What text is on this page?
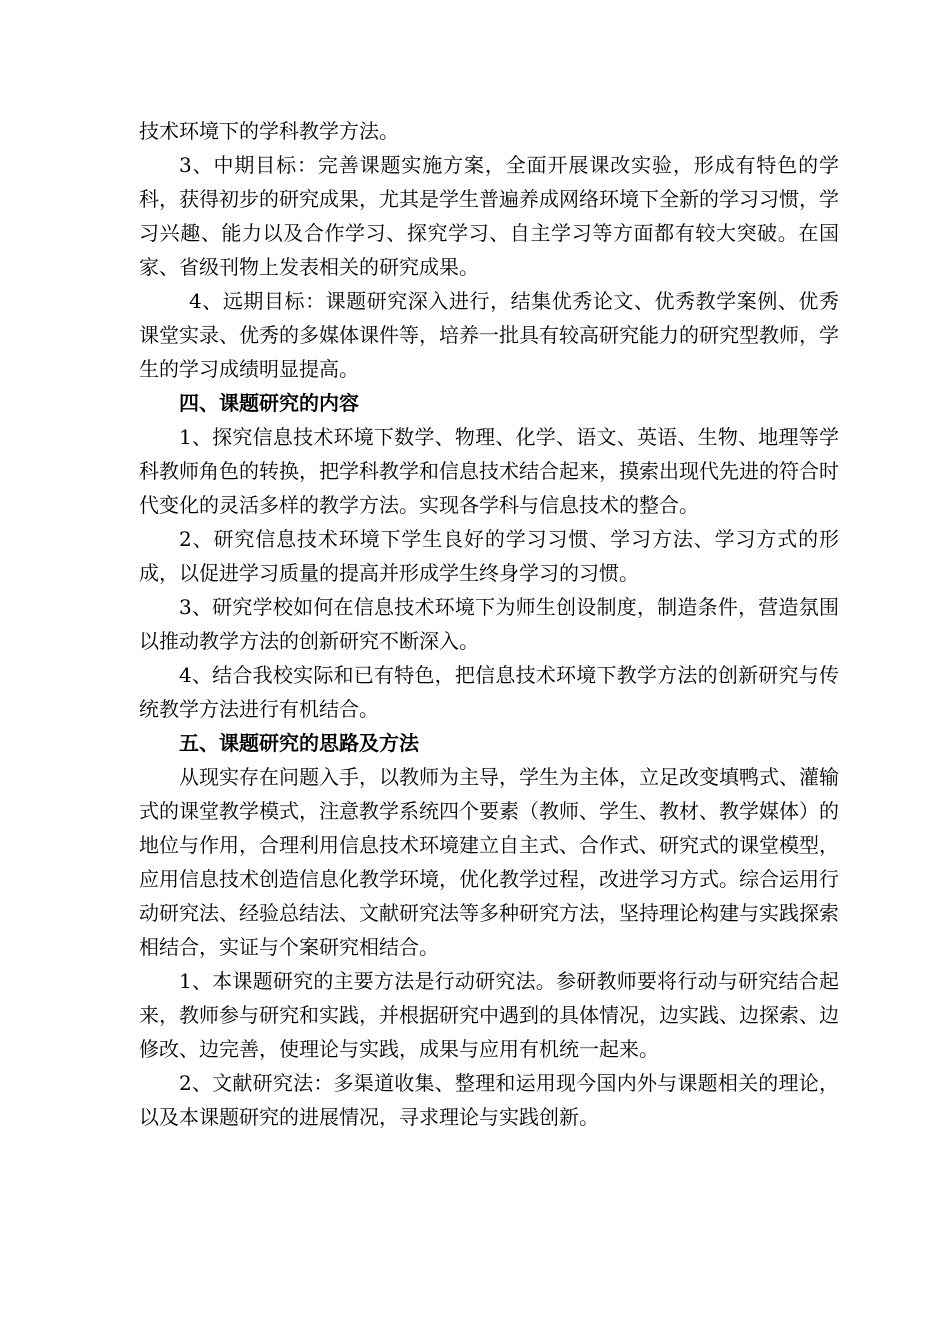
技术环境下的学科教学方法。

3、中期目标：完善课题实施方案，全面开展课改实验，形成有特色的学科，获得初步的研究成果，尤其是学生普遍养成网络环境下全新的学习习惯，学习兴趣、能力以及合作学习、探究学习、自主学习等方面都有较大突破。在国家、省级刊物上发表相关的研究成果。

4、远期目标：课题研究深入进行，结集优秀论文、优秀教学案例、优秀课堂实录、优秀的多媒体课件等，培养一批具有较高研究能力的研究型教师，学生的学习成绩明显提高。

四、课题研究的内容

1、探究信息技术环境下数学、物理、化学、语文、英语、生物、地理等学科教师角色的转换，把学科教学和信息技术结合起来，摸索出现代先进的符合时代变化的灵活多样的教学方法。实现各学科与信息技术的整合。

2、研究信息技术环境下学生良好的学习习惯、学习方法、学习方式的形成，以促进学习质量的提高并形成学生终身学习的习惯。

3、研究学校如何在信息技术环境下为师生创设制度，制造条件，营造氛围以推动教学方法的创新研究不断深入。

4、结合我校实际和已有特色，把信息技术环境下教学方法的创新研究与传统教学方法进行有机结合。

五、课题研究的思路及方法

从现实存在问题入手，以教师为主导，学生为主体，立足改变填鸭式、灌输式的课堂教学模式，注意教学系统四个要素（教师、学生、教材、教学媒体）的地位与作用，合理利用信息技术环境建立自主式、合作式、研究式的课堂模型，应用信息技术创造信息化教学环境，优化教学过程，改进学习方式。综合运用行动研究法、经验总结法、文献研究法等多种研究方法，坚持理论构建与实践探索相结合，实证与个案研究相结合。

1、本课题研究的主要方法是行动研究法。参研教师要将行动与研究结合起来，教师参与研究和实践，并根据研究中遇到的具体情况，边实践、边探索、边修改、边完善，使理论与实践，成果与应用有机统一起来。

2、文献研究法：多渠道收集、整理和运用现今国内外与课题相关的理论，以及本课题研究的进展情况，寻求理论与实践创新。
